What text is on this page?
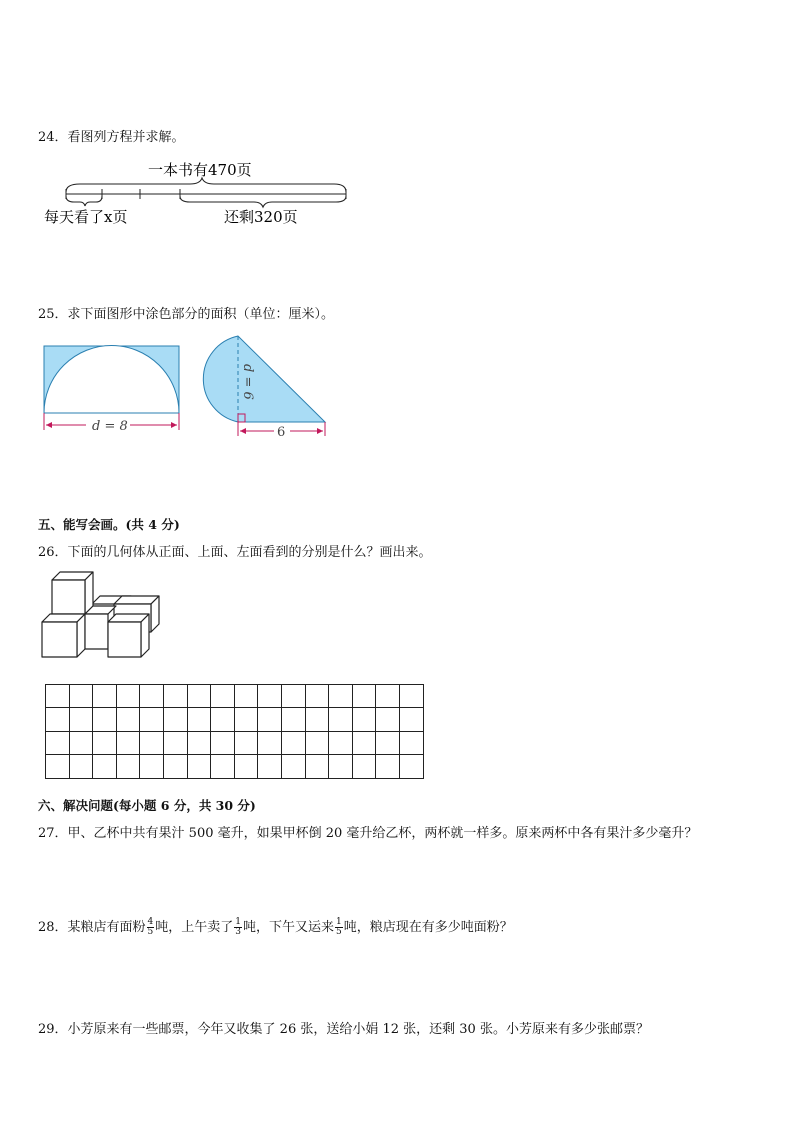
24．看图列方程并求解。
一本书有470页
每天看了x页	还剩320页
25．求下面图形中涂色部分的面积（单位：厘米）。
d = 8
d = 6
6
五、能写会画。(共 4 分)
26．下面的几何体从正面、上面、左面看到的分别是什么？画出来。

六、解决问题(每小题 6 分，共 30 分)
27．甲、乙杯中共有果汁 500 毫升，如果甲杯倒 20 毫升给乙杯，两杯就一样多。原来两杯中各有果汁多少毫升？
28．某粮店有面粉 $\frac{4}{5}$ 吨，上午卖了 $\frac{1}{3}$ 吨，下午又运来 $\frac{1}{5}$ 吨，粮店现在有多少吨面粉？
29．小芳原来有一些邮票，今年又收集了 26 张，送给小娟 12 张，还剩 30 张。小芳原来有多少张邮票？
